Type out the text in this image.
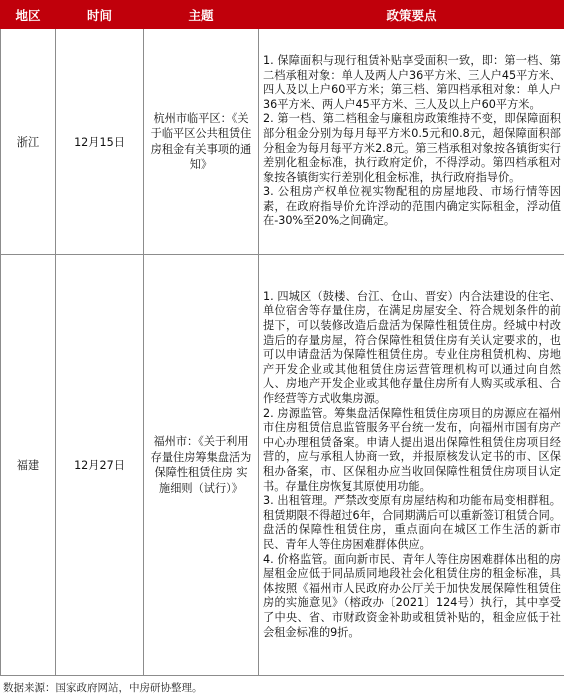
地区	时间	主题	政策要点
浙江	12月15日	杭州市临平区：《关于临平区公共租赁住房租金有关事项的通知》	1. 保障面积与现行租赁补贴享受面积一致，即：第一档、第二档承租对象：单人及两人户36平方米、三人户45平方米、四人及以上户60平方米；第三档、第四档承租对象：单人户36平方米、两人户45平方米、三人及以上户60平方米。

2. 第一档、第二档租金与廉租房政策维持不变，即保障面积部分租金分别为每月每平方米0.5元和0.8元，超保障面积部分租金为每月每平方米2.8元。第三档承租对象按各镇街实行差别化租金标准，执行政府定价，不得浮动。第四档承租对象按各镇街实行差别化租金标准，执行政府指导价。

3. 公租房产权单位视实物配租的房屋地段、市场行情等因素，在政府指导价允许浮动的范围内确定实际租金，浮动值在-30%至20%之间确定。

福建	12月27日	福州市：《关于利用存量住房筹集盘活为保障性租赁住房 实施细则（试行）》	1. 四城区（鼓楼、台江、仓山、晋安）内合法建设的住宅、单位宿舍等存量住房，在满足房屋安全、符合规划条件的前提下，可以装修改造后盘活为保障性租赁住房。经城中村改造后的存量房屋，符合保障性租赁住房有关认定要求的，也可以申请盘活为保障性租赁住房。专业住房租赁机构、房地产开发企业或其他租赁住房运营管理机构可以通过向自然人、房地产开发企业或其他存量住房所有人购买或承租、合作经营等方式收集房源。

2. 房源监管。筹集盘活保障性租赁住房项目的房源应在福州市住房租赁信息监管服务平台统一发布，向福州市国有房产中心办理租赁备案。申请人提出退出保障性租赁住房项目经营的，应与承租人协商一致，并报原核发认定书的市、区保租办备案，市、区保租办应当收回保障性租赁住房项目认定书。存量住房恢复其原使用功能。

3. 出租管理。严禁改变原有房屋结构和功能布局变相群租。租赁期限不得超过6年，合同期满后可以重新签订租赁合同。盘活的保障性租赁住房，重点面向在城区工作生活的新市民、青年人等住房困难群体供应。

4. 价格监管。面向新市民、青年人等住房困难群体出租的房屋租金应低于同品质同地段社会化租赁住房的租金标准，具体按照《福州市人民政府办公厅关于加快发展保障性租赁住房的实施意见》（榕政办〔2021〕124号）执行，其中享受了中央、省、市财政资金补助或租赁补贴的，租金应低于社会租金标准的9折。

数据来源：国家政府网站，中房研协整理。
